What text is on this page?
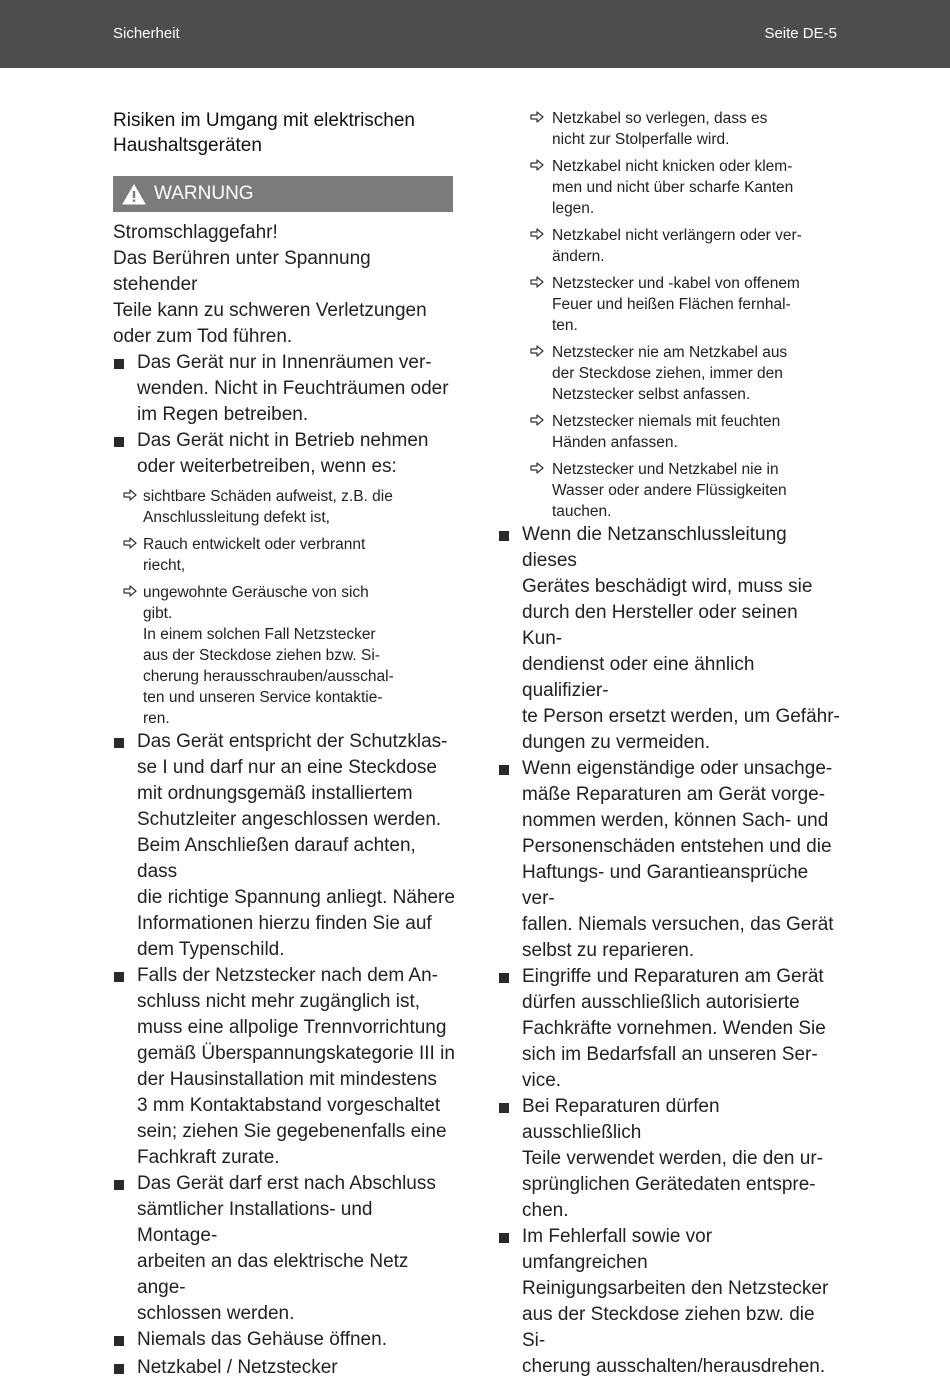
Sicherheit	Seite DE-5
Risiken im Umgang mit elektrischen
Haushaltsgeräten
WARNUNG
Stromschlaggefahr!
Das Berühren unter Spannung stehender
Teile kann zu schweren Verletzungen
oder zum Tod führen.
Das Gerät nur in Innenräumen ver-
wenden. Nicht in Feuchträumen oder
im Regen betreiben.
Das Gerät nicht in Betrieb nehmen
oder weiterbetreiben, wenn es:
sichtbare Schäden aufweist, z.B. die
Anschlussleitung defekt ist,
Rauch entwickelt oder verbrannt
riecht,
ungewohnte Geräusche von sich
gibt.
In einem solchen Fall Netzstecker
aus der Steckdose ziehen bzw. Si-
cherung herausschrauben/ausschal-
ten und unseren Service kontaktie-
ren.
Das Gerät entspricht der Schutzklas-
se I und darf nur an eine Steckdose
mit ordnungsgemäß installiertem
Schutzleiter angeschlossen werden.
Beim Anschließen darauf achten, dass
die richtige Spannung anliegt. Nähere
Informationen hierzu finden Sie auf
dem Typenschild.
Falls der Netzstecker nach dem An-
schluss nicht mehr zugänglich ist,
muss eine allpolige Trennvorrichtung
gemäß Überspannungskategorie III in
der Hausinstallation mit mindestens
3 mm Kontaktabstand vorgeschaltet
sein; ziehen Sie gegebenenfalls eine
Fachkraft zurate.
Das Gerät darf erst nach Abschluss
sämtlicher Installations- und Montage-
arbeiten an das elektrische Netz ange-
schlossen werden.
Niemals das Gehäuse öffnen.
Netzkabel / Netzstecker
Netzkabel so verlegen, dass es
nicht zur Stolperfalle wird.
Netzkabel nicht knicken oder klem-
men und nicht über scharfe Kanten
legen.
Netzkabel nicht verlängern oder ver-
ändern.
Netzstecker und -kabel von offenem
Feuer und heißen Flächen fernhal-
ten.
Netzstecker nie am Netzkabel aus
der Steckdose ziehen, immer den
Netzstecker selbst anfassen.
Netzstecker niemals mit feuchten
Händen anfassen.
Netzstecker und Netzkabel nie in
Wasser oder andere Flüssigkeiten
tauchen.
Wenn die Netzanschlussleitung dieses
Gerätes beschädigt wird, muss sie
durch den Hersteller oder seinen Kun-
dendienst oder eine ähnlich qualifizier-
te Person ersetzt werden, um Gefähr-
dungen zu vermeiden.
Wenn eigenständige oder unsachge-
mäße Reparaturen am Gerät vorge-
nommen werden, können Sach- und
Personenschäden entstehen und die
Haftungs- und Garantieansprüche ver-
fallen. Niemals versuchen, das Gerät
selbst zu reparieren.
Eingriffe und Reparaturen am Gerät
dürfen ausschließlich autorisierte
Fachkräfte vornehmen. Wenden Sie
sich im Bedarfsfall an unseren Ser-
vice.
Bei Reparaturen dürfen ausschließlich
Teile verwendet werden, die den ur-
sprünglichen Gerätedaten entspre-
chen.
Im Fehlerfall sowie vor umfangreichen
Reinigungsarbeiten den Netzstecker
aus der Steckdose ziehen bzw. die Si-
cherung ausschalten/herausdrehen.
